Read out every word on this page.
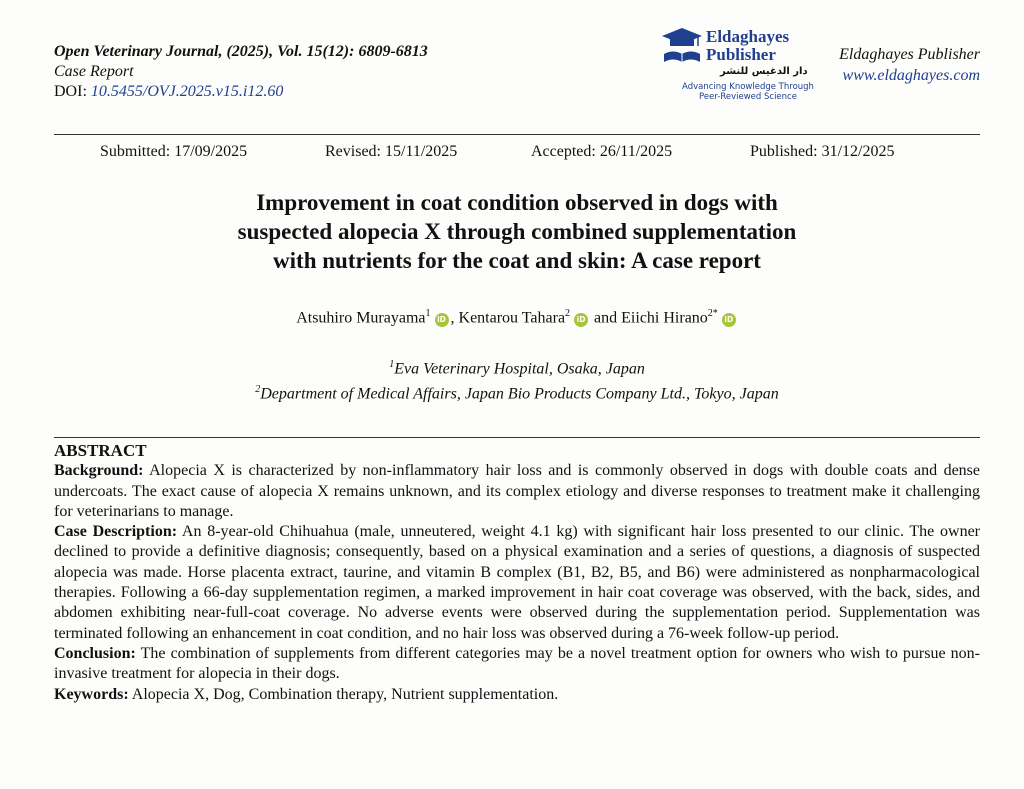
Open Veterinary Journal, (2025), Vol. 15(12): 6809-6813
Case Report
DOI: 10.5455/OVJ.2025.v15.i12.60
Eldaghayes
Publisher
دار الدغيس للنشر
Advancing Knowledge Through
Peer-Reviewed Science
Eldaghayes Publisher
www.eldaghayes.com
Submitted: 17/09/2025	Revised: 15/11/2025	Accepted: 26/11/2025	Published: 31/12/2025
Improvement in coat condition observed in dogs with
suspected alopecia X through combined supplementation
with nutrients for the coat and skin: A case report
Atsuhiro Murayama$^1$iD , Kentarou Tahara$^2$iD and Eiichi Hirano$^{2*}$iD
$^1$Eva Veterinary Hospital, Osaka, Japan
$^2$Department of Medical Affairs, Japan Bio Products Company Ltd., Tokyo, Japan
ABSTRACT

Background: Alopecia X is characterized by non-inflammatory hair loss and is commonly observed in dogs with double coats and dense undercoats. The exact cause of alopecia X remains unknown, and its complex etiology and diverse responses to treatment make it challenging for veterinarians to manage.

Case Description: An 8-year-old Chihuahua (male, unneutered, weight 4.1 kg) with significant hair loss presented to our clinic. The owner declined to provide a definitive diagnosis; consequently, based on a physical examination and a series of questions, a diagnosis of suspected alopecia was made. Horse placenta extract, taurine, and vitamin B complex (B1, B2, B5, and B6) were administered as nonpharmacological therapies. Following a 66-day supplementation regimen, a marked improvement in hair coat coverage was observed, with the back, sides, and abdomen exhibiting near-full-coat coverage. No adverse events were observed during the supplementation period. Supplementation was terminated following an enhancement in coat condition, and no hair loss was observed during a 76-week follow-up period.

Conclusion: The combination of supplements from different categories may be a novel treatment option for owners who wish to pursue non-invasive treatment for alopecia in their dogs.

Keywords: Alopecia X, Dog, Combination therapy, Nutrient supplementation.
